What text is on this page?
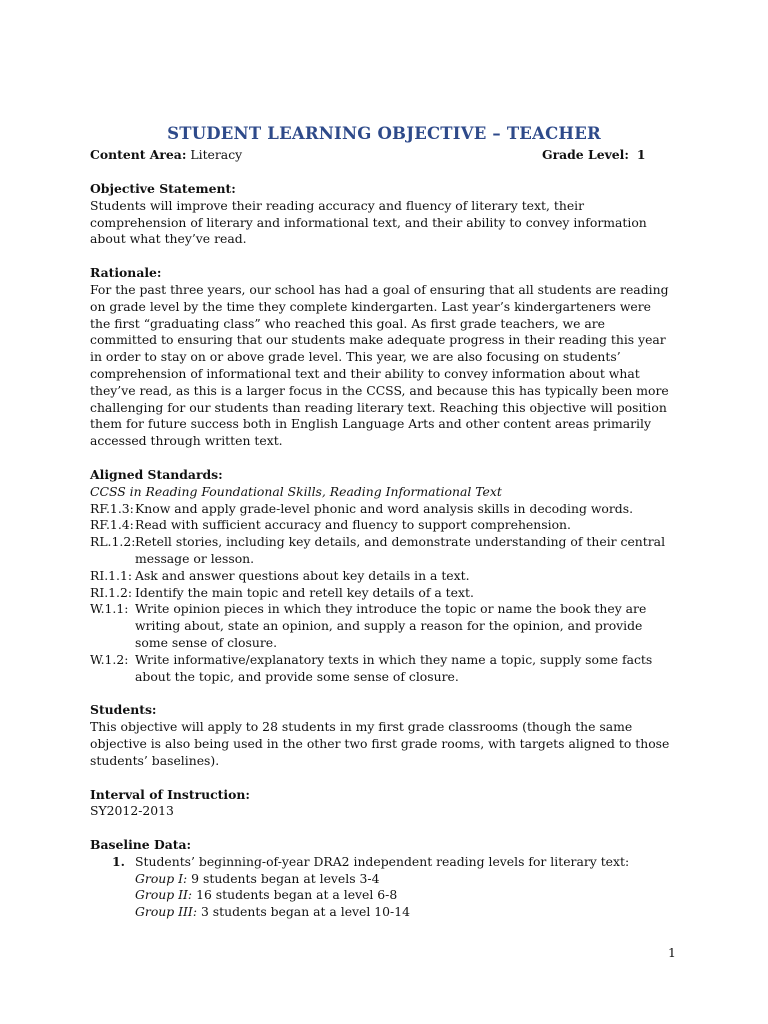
STUDENT LEARNING OBJECTIVE – TEACHER
Content Area: Literacy	Grade Level: 1

Objective Statement:

Students will improve their reading accuracy and fluency of literary text, their comprehension of literary and informational text, and their ability to convey information about what they’ve read.

Rationale:

For the past three years, our school has had a goal of ensuring that all students are reading on grade level by the time they complete kindergarten. Last year’s kindergarteners were the first “graduating class” who reached this goal. As first grade teachers, we are committed to ensuring that our students make adequate progress in their reading this year in order to stay on or above grade level. This year, we are also focusing on students’ comprehension of informational text and their ability to convey information about what they’ve read, as this is a larger focus in the CCSS, and because this has typically been more challenging for our students than reading literary text. Reaching this objective will position them for future success both in English Language Arts and other content areas primarily accessed through written text.

Aligned Standards:

CCSS in Reading Foundational Skills, Reading Informational Text

RF.1.3: Know and apply grade-level phonic and word analysis skills in decoding words.
RF.1.4: Read with sufficient accuracy and fluency to support comprehension.
RL.1.2: Retell stories, including key details, and demonstrate understanding of their central message or lesson.
RI.1.1: Ask and answer questions about key details in a text.
RI.1.2: Identify the main topic and retell key details of a text.
W.1.1: Write opinion pieces in which they introduce the topic or name the book they are writing about, state an opinion, and supply a reason for the opinion, and provide some sense of closure.
W.1.2: Write informative/explanatory texts in which they name a topic, supply some facts about the topic, and provide some sense of closure.

Students:

This objective will apply to 28 students in my first grade classrooms (though the same objective is also being used in the other two first grade rooms, with targets aligned to those students’ baselines).

Interval of Instruction:

SY2012-2013

Baseline Data:

1. Students’ beginning-of-year DRA2 independent reading levels for literary text:
Group I: 9 students began at levels 3-4
Group II: 16 students began at a level 6-8
Group III: 3 students began at a level 10-14
1
